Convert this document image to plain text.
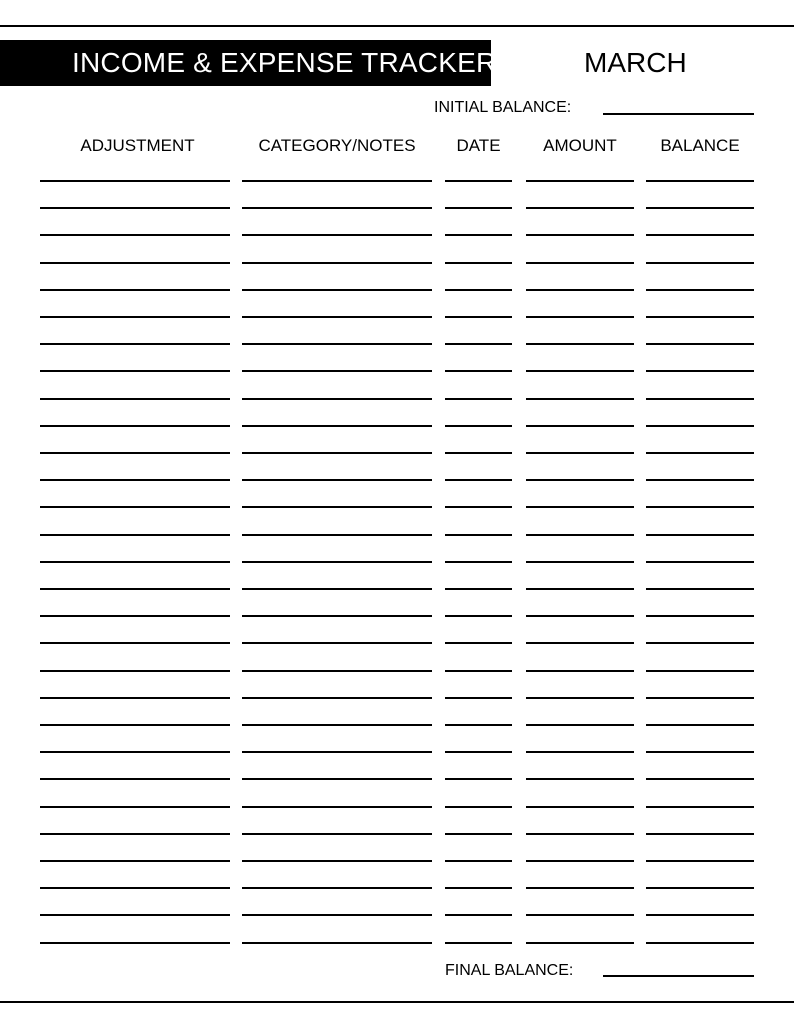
INCOME & EXPENSE TRACKER	MARCH
INITIAL BALANCE:
ADJUSTMENT	CATEGORY/NOTES	DATE	AMOUNT	BALANCE
FINAL BALANCE:
